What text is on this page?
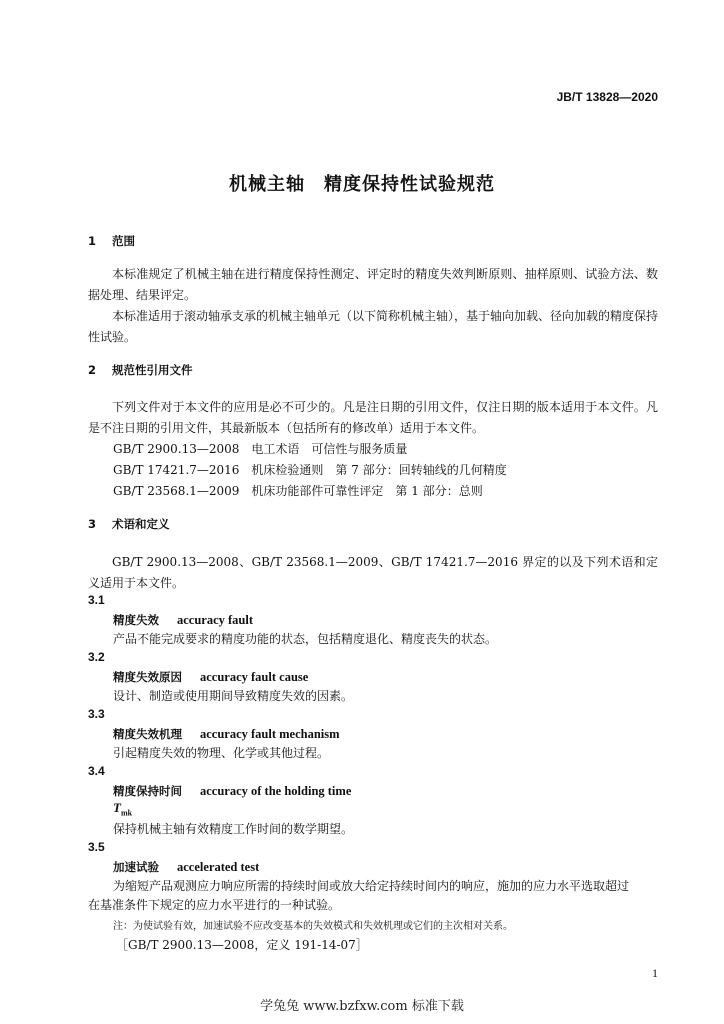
JB/T 13828—2020
机械主轴　精度保持性试验规范
1 范围
本标准规定了机械主轴在进行精度保持性测定、评定时的精度失效判断原则、抽样原则、试验方法、数据处理、结果评定。
本标准适用于滚动轴承支承的机械主轴单元（以下简称机械主轴），基于轴向加载、径向加载的精度保持性试验。
2 规范性引用文件
下列文件对于本文件的应用是必不可少的。凡是注日期的引用文件，仅注日期的版本适用于本文件。凡是不注日期的引用文件，其最新版本（包括所有的修改单）适用于本文件。
GB/T 2900.13—2008　电工术语　可信性与服务质量
GB/T 17421.7—2016　机床检验通则　第 7 部分：回转轴线的几何精度
GB/T 23568.1—2009　机床功能部件可靠性评定　第 1 部分：总则
3 术语和定义
GB/T 2900.13—2008、GB/T 23568.1—2009、GB/T 17421.7—2016 界定的以及下列术语和定义适用于本文件。
3.1
精度失效 accuracy fault
产品不能完成要求的精度功能的状态，包括精度退化、精度丧失的状态。
3.2
精度失效原因 accuracy fault cause
设计、制造或使用期间导致精度失效的因素。
3.3
精度失效机理 accuracy fault mechanism
引起精度失效的物理、化学或其他过程。
3.4
精度保持时间 accuracy of the holding time
$T_{mk}$
保持机械主轴有效精度工作时间的数学期望。
3.5
加速试验 accelerated test
为缩短产品观测应力响应所需的持续时间或放大给定持续时间内的响应，施加的应力水平选取超过
在基准条件下规定的应力水平进行的一种试验。
注：为使试验有效，加速试验不应改变基本的失效模式和失效机理或它们的主次相对关系。
［GB/T 2900.13—2008，定义 191-14-07］
1
学兔兔 www.bzfxw.com 标准下载
